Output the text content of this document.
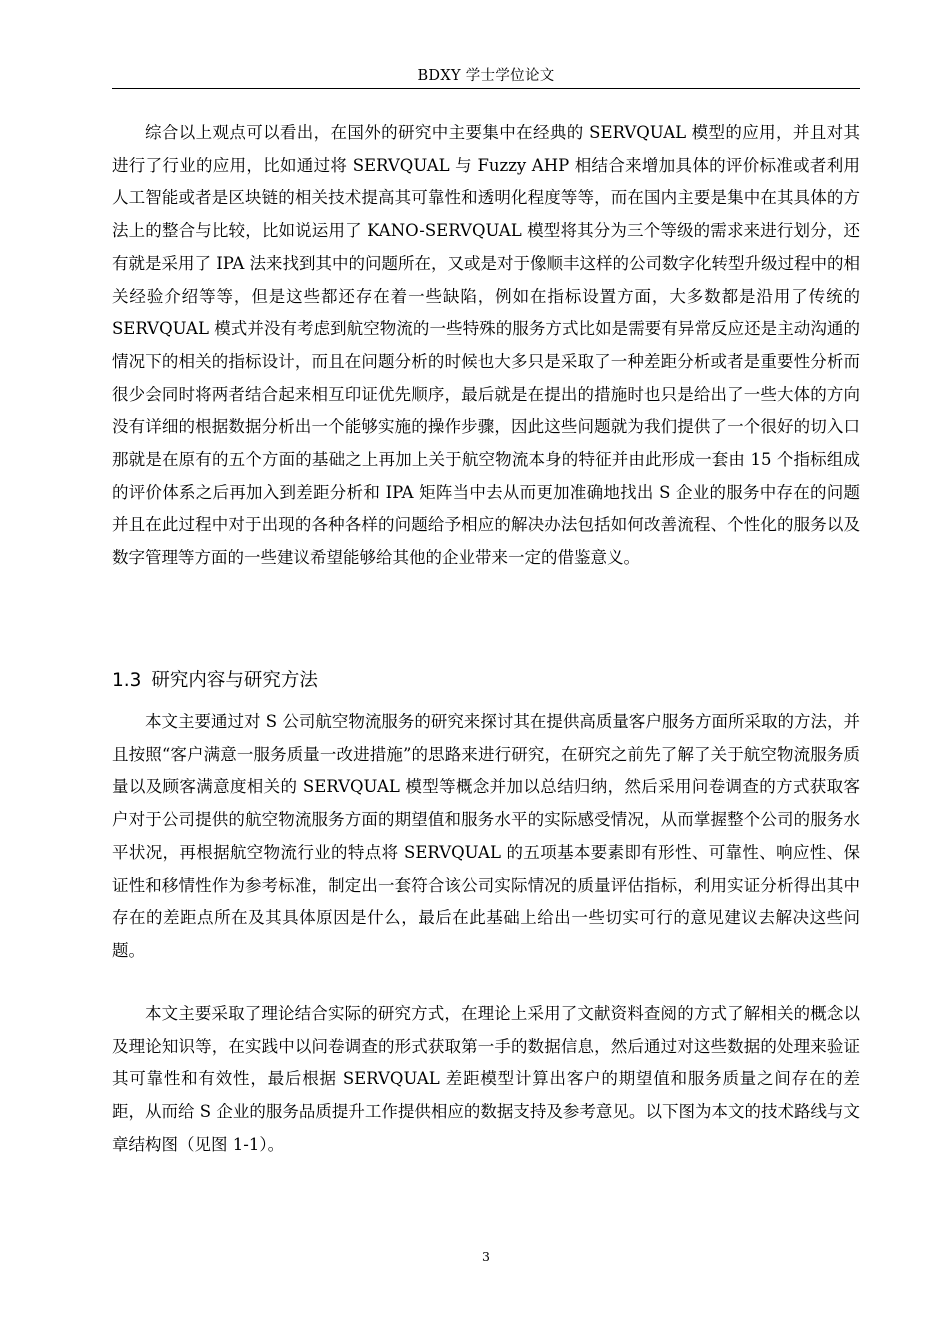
BDXY 学士学位论文

综合以上观点可以看出，在国外的研究中主要集中在经典的 SERVQUAL 模型的应用，并且对其进行了行业的应用，比如通过将 SERVQUAL 与 Fuzzy AHP 相结合来增加具体的评价标准或者利用人工智能或者是区块链的相关技术提高其可靠性和透明化程度等等，而在国内主要是集中在其具体的方法上的整合与比较，比如说运用了 KANO-SERVQUAL 模型将其分为三个等级的需求来进行划分，还有就是采用了 IPA 法来找到其中的问题所在，又或是对于像顺丰这样的公司数字化转型升级过程中的相关经验介绍等等，但是这些都还存在着一些缺陷，例如在指标设置方面，大多数都是沿用了传统的 SERVQUAL 模式并没有考虑到航空物流的一些特殊的服务方式比如是需要有异常反应还是主动沟通的情况下的相关的指标设计，而且在问题分析的时候也大多只是采取了一种差距分析或者是重要性分析而很少会同时将两者结合起来相互印证优先顺序，最后就是在提出的措施时也只是给出了一些大体的方向没有详细的根据数据分析出一个能够实施的操作步骤，因此这些问题就为我们提供了一个很好的切入口那就是在原有的五个方面的基础之上再加上关于航空物流本身的特征并由此形成一套由 15 个指标组成的评价体系之后再加入到差距分析和 IPA 矩阵当中去从而更加准确地找出 S 企业的服务中存在的问题并且在此过程中对于出现的各种各样的问题给予相应的解决办法包括如何改善流程、个性化的服务以及数字管理等方面的一些建议希望能够给其他的企业带来一定的借鉴意义。

1.3 研究内容与研究方法

本文主要通过对 S 公司航空物流服务的研究来探讨其在提供高质量客户服务方面所采取的方法，并且按照“客户满意一服务质量一改进措施”的思路来进行研究，在研究之前先了解了关于航空物流服务质量以及顾客满意度相关的 SERVQUAL 模型等概念并加以总结归纳，然后采用问卷调查的方式获取客户对于公司提供的航空物流服务方面的期望值和服务水平的实际感受情况，从而掌握整个公司的服务水平状况，再根据航空物流行业的特点将 SERVQUAL 的五项基本要素即有形性、可靠性、响应性、保证性和移情性作为参考标准，制定出一套符合该公司实际情况的质量评估指标，利用实证分析得出其中存在的差距点所在及其具体原因是什么，最后在此基础上给出一些切实可行的意见建议去解决这些问题。

本文主要采取了理论结合实际的研究方式，在理论上采用了文献资料查阅的方式了解相关的概念以及理论知识等，在实践中以问卷调查的形式获取第一手的数据信息，然后通过对这些数据的处理来验证其可靠性和有效性，最后根据 SERVQUAL 差距模型计算出客户的期望值和服务质量之间存在的差距，从而给 S 企业的服务品质提升工作提供相应的数据支持及参考意见。以下图为本文的技术路线与文章结构图（见图 1-1）。

3
